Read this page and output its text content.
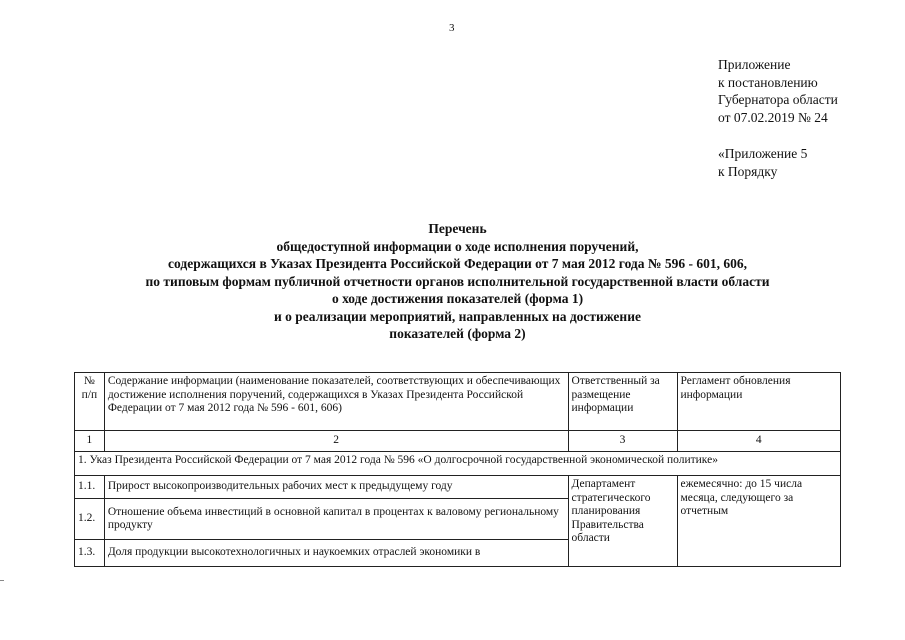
3
Приложение
к постановлению
Губернатора области
от 07.02.2019 № 24
«Приложение 5
к Порядку
Перечень
общедоступной информации о ходе исполнения поручений,
содержащихся в Указах Президента Российской Федерации от 7 мая 2012 года № 596 - 601, 606,
по типовым формам публичной отчетности органов исполнительной государственной власти области
о ходе достижения показателей (форма 1)
и о реализации мероприятий, направленных на достижение
показателей (форма 2)
№ п/п	Содержание информации (наименование показателей, соответствующих и обеспечивающих достижение исполнения поручений, содержащихся в Указах Президента Российской Федерации от 7 мая 2012 года № 596 - 601, 606)	Ответственный за размещение информации	Регламент обновления информации
1	2	3	4
1. Указ Президента Российской Федерации от 7 мая 2012 года № 596 «О долгосрочной государственной экономической политике»			
1.1.	Прирост высокопроизводительных рабочих мест к предыдущему году	Департамент стратегического планирования Правительства области	ежемесячно: до 15 числа месяца, следующего за отчетным
1.2.	Отношение объема инвестиций в основной капитал в процентах к валовому региональному продукту		
1.3.	Доля продукции высокотехнологичных и наукоемких отраслей экономики в		
